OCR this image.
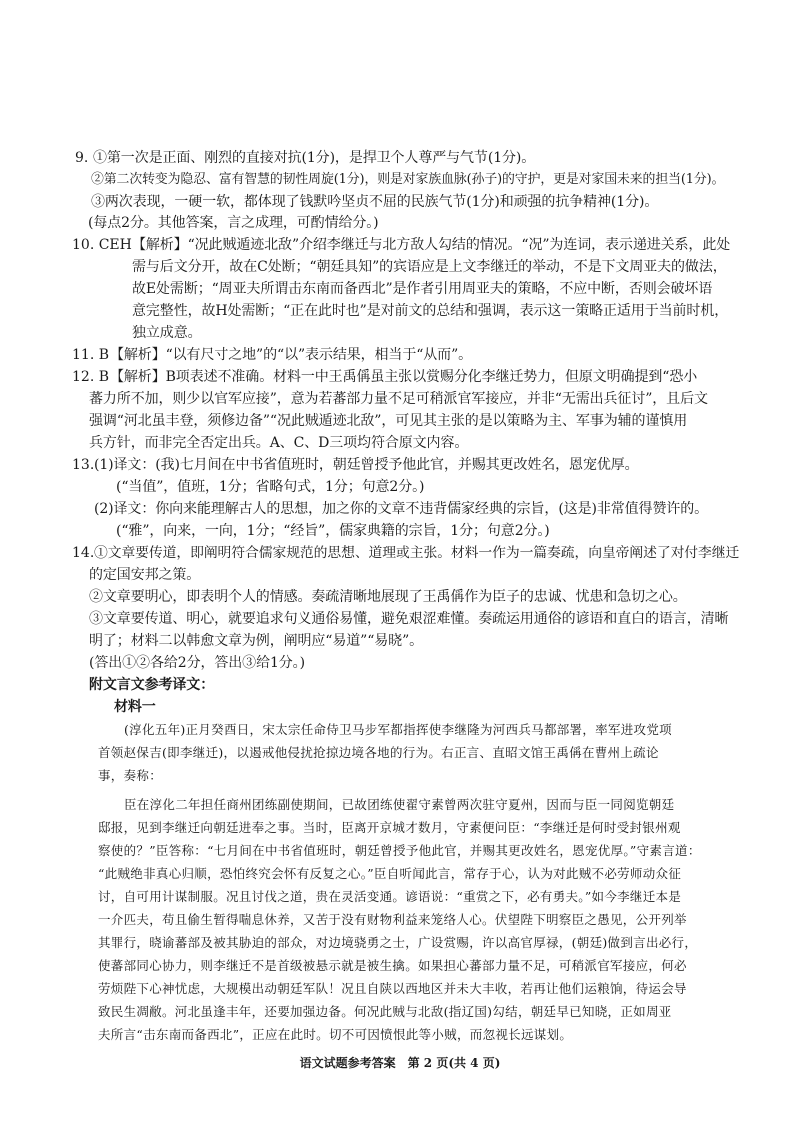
9. ①第一次是正面、刚烈的直接对抗(1分)，是捍卫个人尊严与气节(1分)。
②第二次转变为隐忍、富有智慧的韧性周旋(1分)，则是对家族血脉(孙子)的守护，更是对家国未来的担当(1分)。
③两次表现，一硬一软，都体现了钱默吟坚贞不屈的民族气节(1分)和顽强的抗争精神(1分)。
(每点2分。其他答案，言之成理，可酌情给分。)
10. CEH 【解析】“况此贼遁迹北敌”介绍李继迁与北方敌人勾结的情况。“况”为连词，表示递进关系，此处
需与后文分开，故在C处断；“朝廷具知”的宾语应是上文李继迁的举动，不是下文周亚夫的做法，
故E处需断；“周亚夫所谓击东南而备西北”是作者引用周亚夫的策略，不应中断，否则会破坏语
意完整性，故H处需断；“正在此时也”是对前文的总结和强调，表示这一策略正适用于当前时机，
独立成意。
11. B 【解析】“以有尺寸之地”的“以”表示结果，相当于“从而”。
12. B 【解析】B项表述不准确。材料一中王禹偁虽主张以赏赐分化李继迁势力，但原文明确提到“恐小
蕃力所不加，则少以官军应接”，意为若蕃部力量不足可稍派官军接应，并非“无需出兵征讨”，且后文
强调“河北虽丰登，须修边备”“况此贼遁迹北敌”，可见其主张的是以策略为主、军事为辅的谨慎用
兵方针，而非完全否定出兵。A、C、D三项均符合原文内容。
13. (1)译文：(我)七月间在中书省值班时，朝廷曾授予他此官，并赐其更改姓名，恩宠优厚。
(“当值”，值班，1分；省略句式，1分；句意2分。)
(2)译文：你向来能理解古人的思想，加之你的文章不违背儒家经典的宗旨，(这是)非常值得赞许的。
(“雅”，向来，一向，1分；“经旨”，儒家典籍的宗旨，1分；句意2分。)
14. ①文章要传道，即阐明符合儒家规范的思想、道理或主张。材料一作为一篇奏疏，向皇帝阐述了对付李继迁
的定国安邦之策。
②文章要明心，即表明个人的情感。奏疏清晰地展现了王禹偁作为臣子的忠诚、忧患和急切之心。
③文章要传道、明心，就要追求句义通俗易懂，避免艰涩难懂。奏疏运用通俗的谚语和直白的语言，清晰
明了；材料二以韩愈文章为例，阐明应“易道”“易晓”。
(答出①②各给2分，答出③给1分。)
附文言文参考译文：
材料一
(淳化五年)正月癸酉日，宋太宗任命侍卫马步军都指挥使李继隆为河西兵马都部署，率军进攻党项
首领赵保吉(即李继迁)，以遏戒他侵扰抢掠边境各地的行为。右正言、直昭文馆王禹偁在曹州上疏论
事，奏称：
臣在淳化二年担任商州团练副使期间，已故团练使翟守素曾两次驻守夏州，因而与臣一同阅览朝廷
邸报，见到李继迁向朝廷进奉之事。当时，臣离开京城才数月，守素便问臣：“李继迁是何时受封银州观
察使的？”臣答称：“七月间在中书省值班时，朝廷曾授予他此官，并赐其更改姓名，恩宠优厚。”守素言道：
“此贼绝非真心归顺，恐怕终究会怀有反复之心。”臣自听闻此言，常存于心，认为对此贼不必劳师动众征
讨，自可用计谋制服。况且讨伐之道，贵在灵活变通。谚语说：“重赏之下，必有勇夫。”如今李继迁本是
一介匹夫，苟且偷生暂得喘息休养，又苦于没有财物利益来笼络人心。伏望陛下明察臣之愚见，公开列举
其罪行，晓谕蕃部及被其胁迫的部众，对边境骁勇之士，广设赏赐，许以高官厚禄，(朝廷)做到言出必行，
使蕃部同心协力，则李继迁不是首级被悬示就是被生擒。如果担心蕃部力量不足，可稍派官军接应，何必
劳烦陛下心神忧虑，大规模出动朝廷军队！况且自陕以西地区并未大丰收，若再让他们运粮饷，待运会导
致民生凋敝。河北虽逢丰年，还要加强边备。何况此贼与北敌(指辽国)勾结，朝廷早已知晓，正如周亚
夫所言“击东南而备西北”，正应在此时。切不可因愤恨此等小贼，而忽视长远谋划。
语文试题参考答案　第 2 页(共 4 页)
